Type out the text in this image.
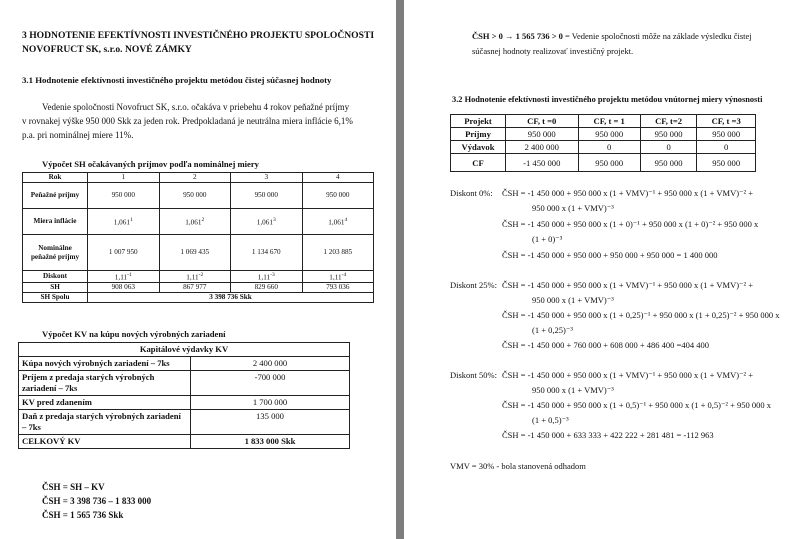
3 HODNOTENIE EFEKTÍVNOSTI INVESTIČNÉHO PROJEKTU SPOLOČNOSTI
NOVOFRUCT SK, s.r.o. NOVÉ ZÁMKY
3.1 Hodnotenie efektívnosti investičného projektu metódou čistej súčasnej hodnoty
Vedenie spoločnosti Novofruct SK, s.r.o. očakáva v priebehu 4 rokov peňažné príjmy
v rovnakej výške 950 000 Skk za jeden rok. Predpokladaná je neutrálna miera inflácie 6,1%
p.a. pri nominálnej miere 11%.
Výpočet SH očakávaných príjmov podľa nominálnej miery
Rok	1	2	3	4
Peňažné príjmy	950 000	950 000	950 000	950 000
Miera inflácie	1,061$^1$	1,061$^2$	1,061$^3$	1,061$^4$
Nominálne peňažné príjmy	1 007 950	1 069 435	1 134 670	1 203 885
Diskont	$1,11^{-1}$	$1,11^{-2}$	$1,11^{-3}$	$1,11^{-4}$
SH	908 063	867 977	829 660	793 036
SH Spolu	3 398 736 Skk			
Výpočet KV na kúpu nových výrobných zariadení
Kapitálové výdavky KV	
Kúpa nových výrobných zariadení – 7ks	2 400 000
Príjem z predaja starých výrobných zariadení – 7ks	-700 000
KV pred zdanením	1 700 000
Daň z predaja starých výrobných zariadení – 7ks	135 000
CELKOVÝ KV	1 833 000 Skk
ČSH = SH – KV
ČSH = 3 398 736 – 1 833 000
ČSH = 1 565 736 Skk
ČSH > 0 → 1 565 736 > 0 = Vedenie spoločnosti môže na základe výsledku čistej
súčasnej hodnoty realizovať investičný projekt.
3.2 Hodnotenie efektívnosti investičného projektu metódou vnútornej miery výnosnosti
Projekt	CF, t =0	CF, t = 1	CF, t=2	CF, t =3
Príjmy	950 000	950 000	950 000	950 000
Výdavok	2 400 000	0	0	0
CF	-1 450 000	950 000	950 000	950 000
Diskont 0%: ČSH = -1 450 000 + 950 000 x (1 + VMV)⁻¹ + 950 000 x (1 + VMV)⁻² +
950 000 x (1 + VMV)⁻³
ČSH = -1 450 000 + 950 000 x (1 + 0)⁻¹ + 950 000 x (1 + 0)⁻² + 950 000 x
(1 + 0)⁻³
ČSH = -1 450 000 + 950 000 + 950 000 + 950 000 = 1 400 000
Diskont 25%: ČSH = -1 450 000 + 950 000 x (1 + VMV)⁻¹ + 950 000 x (1 + VMV)⁻² +
950 000 x (1 + VMV)⁻³
ČSH = -1 450 000 + 950 000 x (1 + 0,25)⁻¹ + 950 000 x (1 + 0,25)⁻² + 950 000 x
(1 + 0,25)⁻³
ČSH = -1 450 000 + 760 000 + 608 000 + 486 400 =404 400
Diskont 50%: ČSH = -1 450 000 + 950 000 x (1 + VMV)⁻¹ + 950 000 x (1 + VMV)⁻² +
950 000 x (1 + VMV)⁻³
ČSH = -1 450 000 + 950 000 x (1 + 0,5)⁻¹ + 950 000 x (1 + 0,5)⁻² + 950 000 x
(1 + 0,5)⁻³
ČSH = -1 450 000 + 633 333 + 422 222 + 281 481 = -112 963
VMV = 30% - bola stanovená odhadom
